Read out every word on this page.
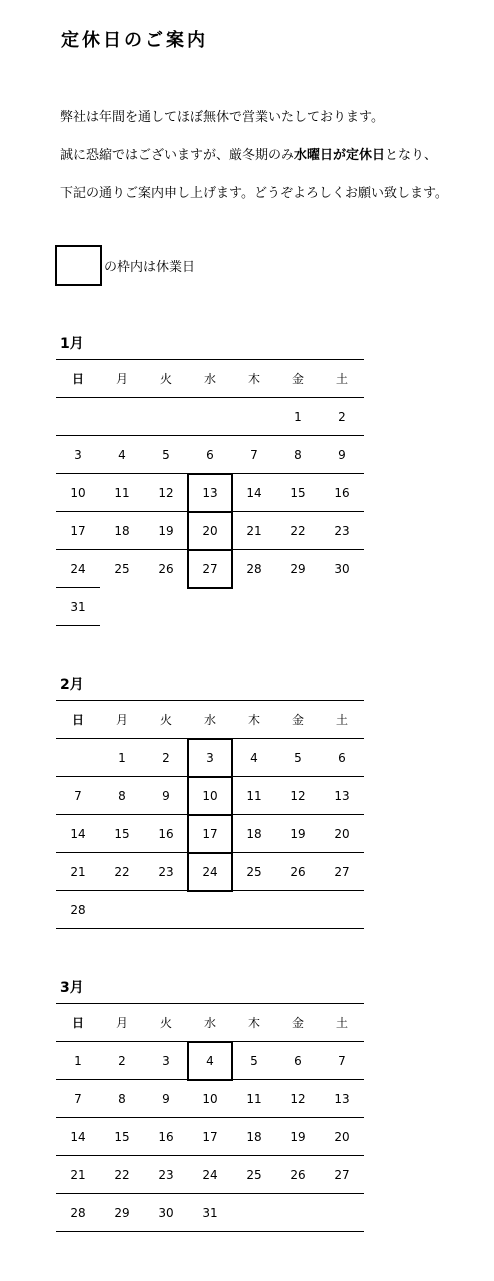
定休日のご案内
弊社は年間を通してほぼ無休で営業いたしております。
誠に恐縮ではございますが、厳冬期のみ水曜日が定休日となり、
下記の通りご案内申し上げます。どうぞよろしくお願い致します。
の枠内は休業日
1月
日	月	火	水	木	金	土
					1	2
3	4	5	6	7	8	9
10	11	12	13	14	15	16
17	18	19	20	21	22	23
24	25	26	27	28	29	30
31						
2月
日	月	火	水	木	金	土
	1	2	3	4	5	6
7	8	9	10	11	12	13
14	15	16	17	18	19	20
21	22	23	24	25	26	27
28						
3月
日	月	火	水	木	金	土
1	2	3	4	5	6	7
7	8	9	10	11	12	13
14	15	16	17	18	19	20
21	22	23	24	25	26	27
28	29	30	31			
